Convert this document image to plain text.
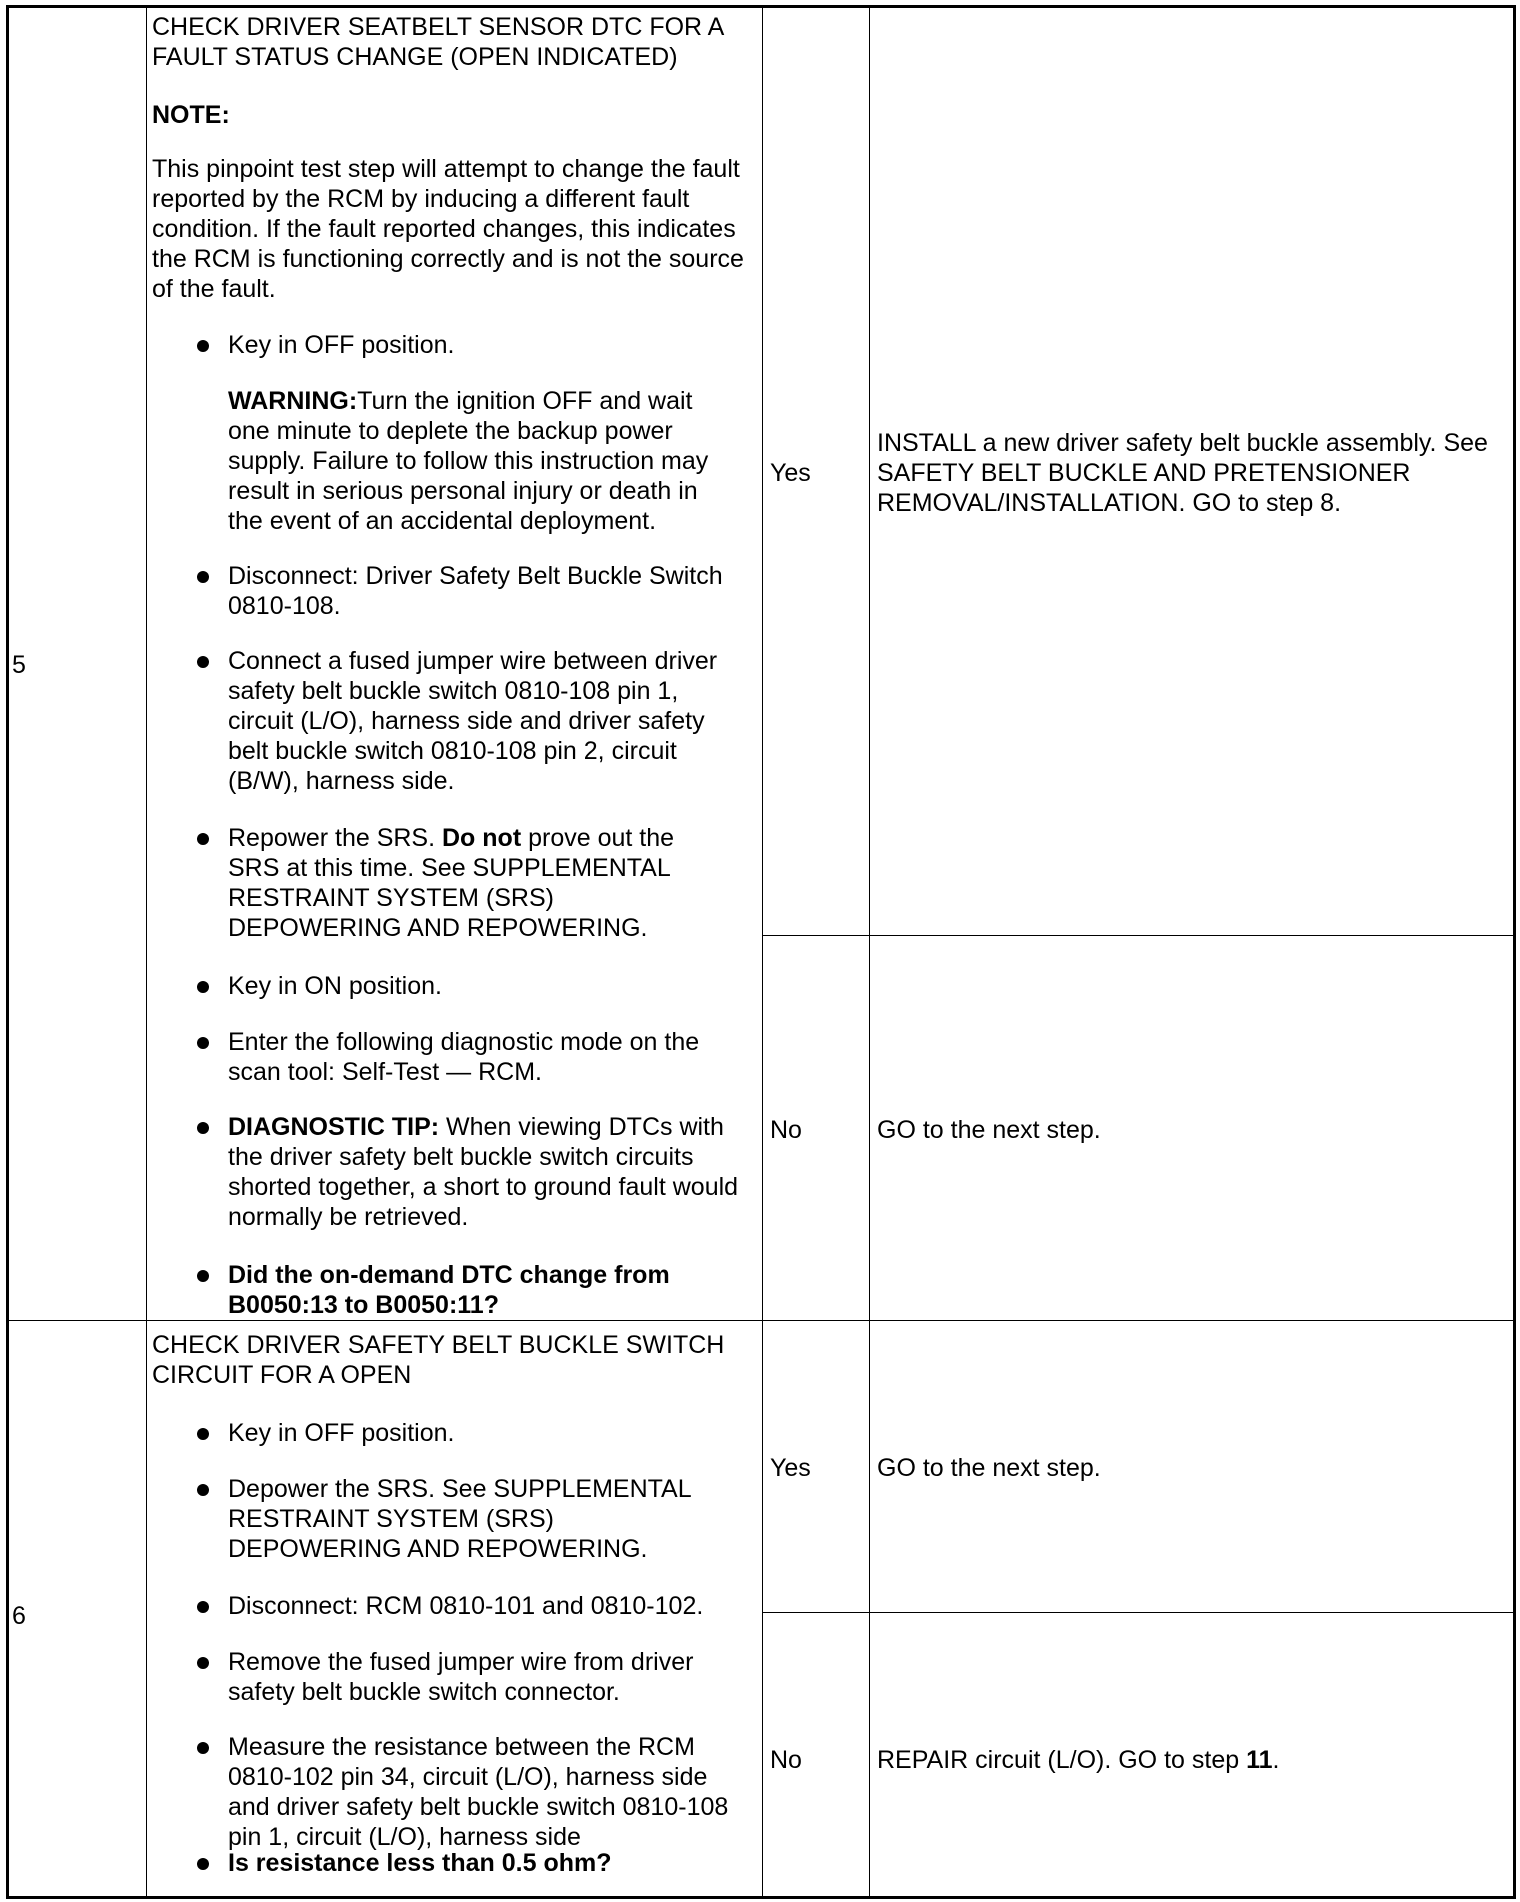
5
CHECK DRIVER SEATBELT SENSOR DTC FOR A FAULT STATUS CHANGE (OPEN INDICATED)
NOTE:
This pinpoint test step will attempt to change the fault reported by the RCM by inducing a different fault condition. If the fault reported changes, this indicates the RCM is functioning correctly and is not the source of the fault.
Key in OFF position.
WARNING:Turn the ignition OFF and wait one minute to deplete the backup power supply. Failure to follow this instruction may result in serious personal injury or death in the event of an accidental deployment.
Disconnect: Driver Safety Belt Buckle Switch 0810-108.
Connect a fused jumper wire between driver safety belt buckle switch 0810-108 pin 1, circuit (L/O), harness side and driver safety belt buckle switch 0810-108 pin 2, circuit (B/W), harness side.
Repower the SRS. Do not prove out the SRS at this time. See SUPPLEMENTAL RESTRAINT SYSTEM (SRS) DEPOWERING AND REPOWERING.
Key in ON position.
Enter the following diagnostic mode on the scan tool: Self-Test — RCM.
DIAGNOSTIC TIP: When viewing DTCs with the driver safety belt buckle switch circuits shorted together, a short to ground fault would normally be retrieved.
Did the on-demand DTC change from B0050:13 to B0050:11?
Yes
INSTALL a new driver safety belt buckle assembly. See SAFETY BELT BUCKLE AND PRETENSIONER REMOVAL/INSTALLATION. GO to step 8.
No	GO to the next step.
6
CHECK DRIVER SAFETY BELT BUCKLE SWITCH CIRCUIT FOR A OPEN
Key in OFF position.
Depower the SRS. See SUPPLEMENTAL RESTRAINT SYSTEM (SRS) DEPOWERING AND REPOWERING.
Disconnect: RCM 0810-101 and 0810-102.
Remove the fused jumper wire from driver safety belt buckle switch connector.
Measure the resistance between the RCM 0810-102 pin 34, circuit (L/O), harness side and driver safety belt buckle switch 0810-108 pin 1, circuit (L/O), harness side
Is resistance less than 0.5 ohm?
Yes	GO to the next step.
No	REPAIR circuit (L/O). GO to step 11.
